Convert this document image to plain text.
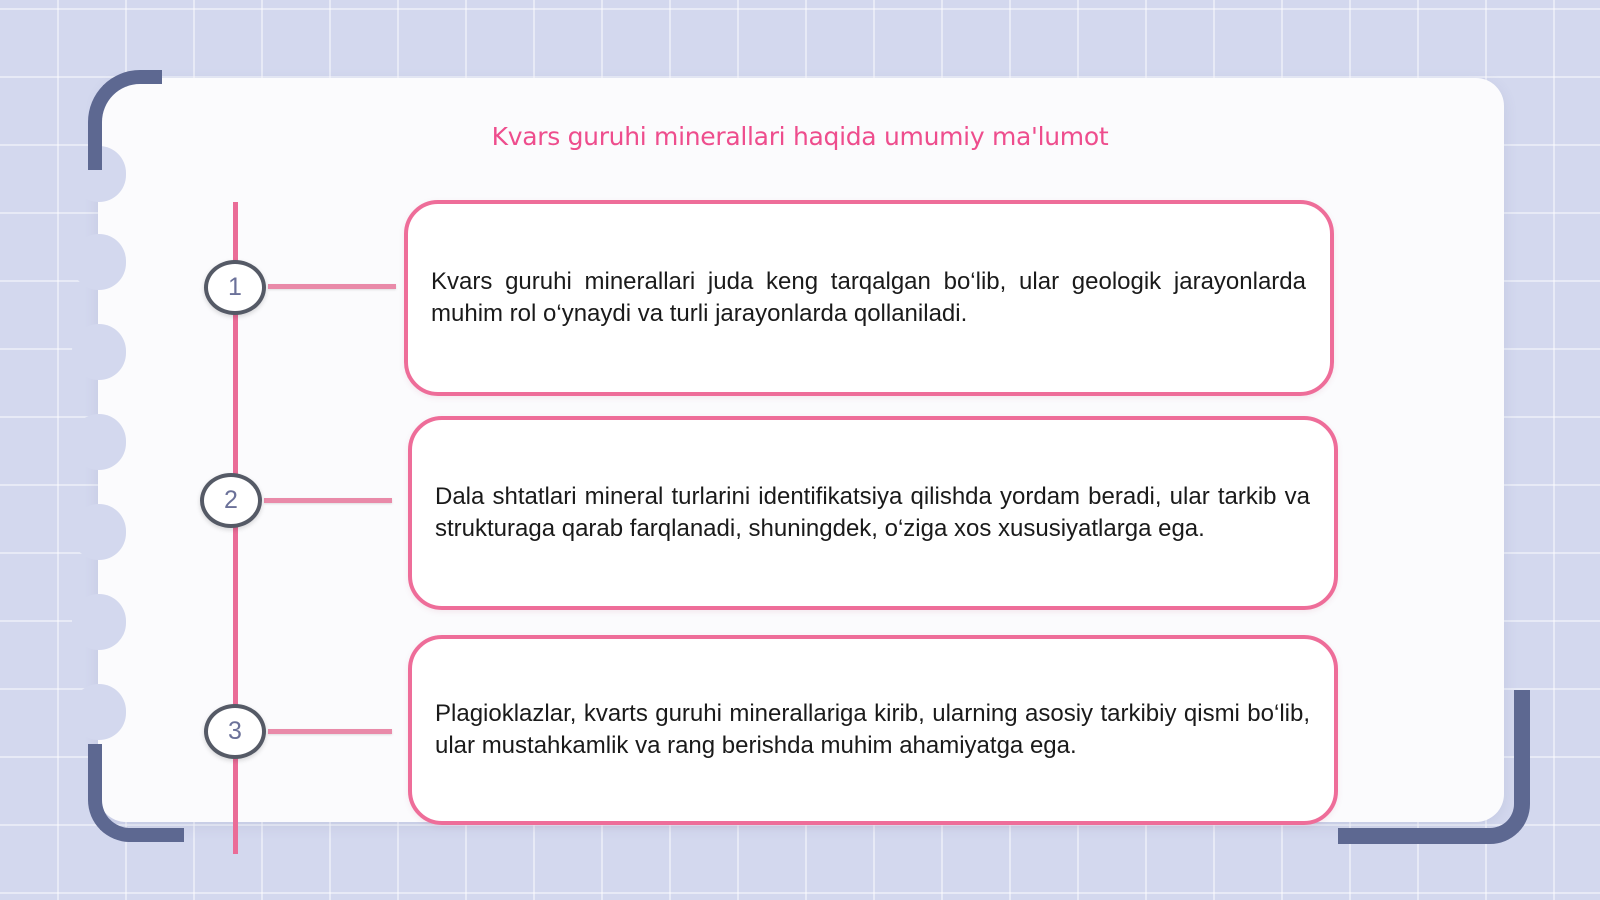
Kvars guruhi minerallari haqida umumiy ma'lumot
1
2
3

Kvars guruhi minerallari juda keng tarqalgan bo‘lib, ular geologik jarayonlarda muhim rol o‘ynaydi va turli jarayonlarda qollaniladi.

Dala shtatlari mineral turlarini identifikatsiya qilishda yordam beradi, ular tarkib va strukturaga qarab farqlanadi, shuningdek, o‘ziga xos xususiyatlarga ega.

Plagioklazlar, kvarts guruhi minerallariga kirib, ularning asosiy tarkibiy qismi bo‘lib, ular mustahkamlik va rang berishda muhim ahamiyatga ega.
